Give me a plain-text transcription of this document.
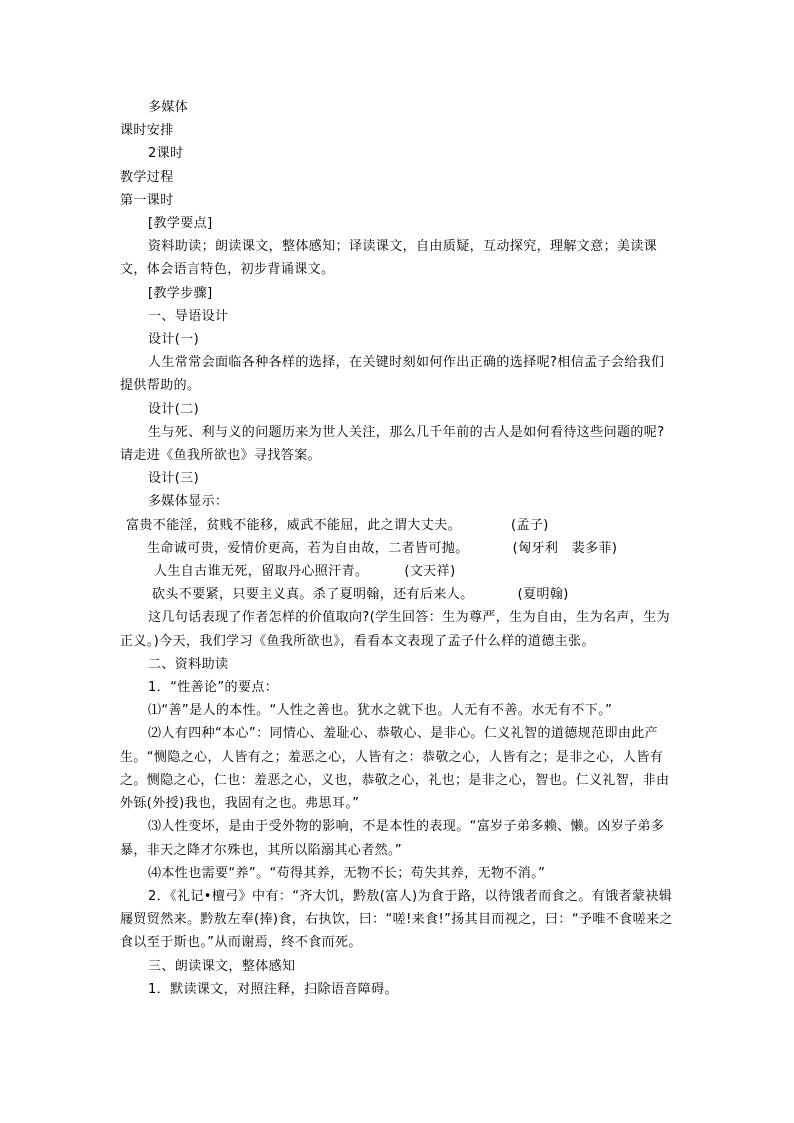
多媒体

课时安排

2课时

教学过程

第一课时

[教学要点]

资料助读；朗读课文，整体感知；译读课文，自由质疑，互动探究，理解文意；美读课文，体会语言特色，初步背诵课文。

[教学步骤]

一、导语设计

设计(一)

人生常常会面临各种各样的选择，在关键时刻如何作出正确的选择呢?相信孟子会给我们提供帮助的。

设计(二)

生与死、利与义的问题历来为世人关注，那么几千年前的古人是如何看待这些问题的呢?请走进《鱼我所欲也》寻找答案。

设计(三)

多媒体显示：

富贵不能淫，贫贱不能移，威武不能屈，此之谓大丈夫。	(孟子)

生命诚可贵，爱情价更高，若为自由故，二者皆可抛。	(匈牙利　裴多菲)

人生自古谁无死，留取丹心照汗青。	(文天祥)

砍头不要紧，只要主义真。杀了夏明翰，还有后来人。	(夏明翰)

这几句话表现了作者怎样的价值取向?(学生回答：生为尊严，生为自由，生为名声，生为正义。)今天，我们学习《鱼我所欲也》，看看本文表现了孟子什么样的道德主张。

二、资料助读

1．“性善论”的要点：

⑴“善”是人的本性。“人性之善也。犹水之就下也。人无有不善。水无有不下。”

⑵人有四种“本心”：同情心、羞耻心、恭敬心、是非心。仁义礼智的道德规范即由此产生。“恻隐之心，人皆有之；羞恶之心，人皆有之：恭敬之心，人皆有之；是非之心，人皆有之。恻隐之心，仁也：羞恶之心，义也，恭敬之心，礼也；是非之心，智也。仁义礼智，非由外铄(外授)我也，我固有之也。弗思耳。”

⑶人性变坏，是由于受外物的影响，不是本性的表现。“富岁子弟多赖、懒。凶岁子弟多暴，非天之降才尔殊也，其所以陷溺其心者然。”

⑷本性也需要“养”。“苟得其养，无物不长；苟失其养，无物不消。”

2．《礼记•檀弓》中有：“齐大饥，黔敖(富人)为食于路，以待饿者而食之。有饿者蒙袂辑屦贸贸然来。黔敖左奉(捧)食，右执饮，曰：“嗟!来食!”扬其目而视之，曰：“予唯不食嗟来之食以至于斯也。”从而谢焉，终不食而死。

三、朗读课文，整体感知

1．默读课文，对照注释，扫除语音障碍。
